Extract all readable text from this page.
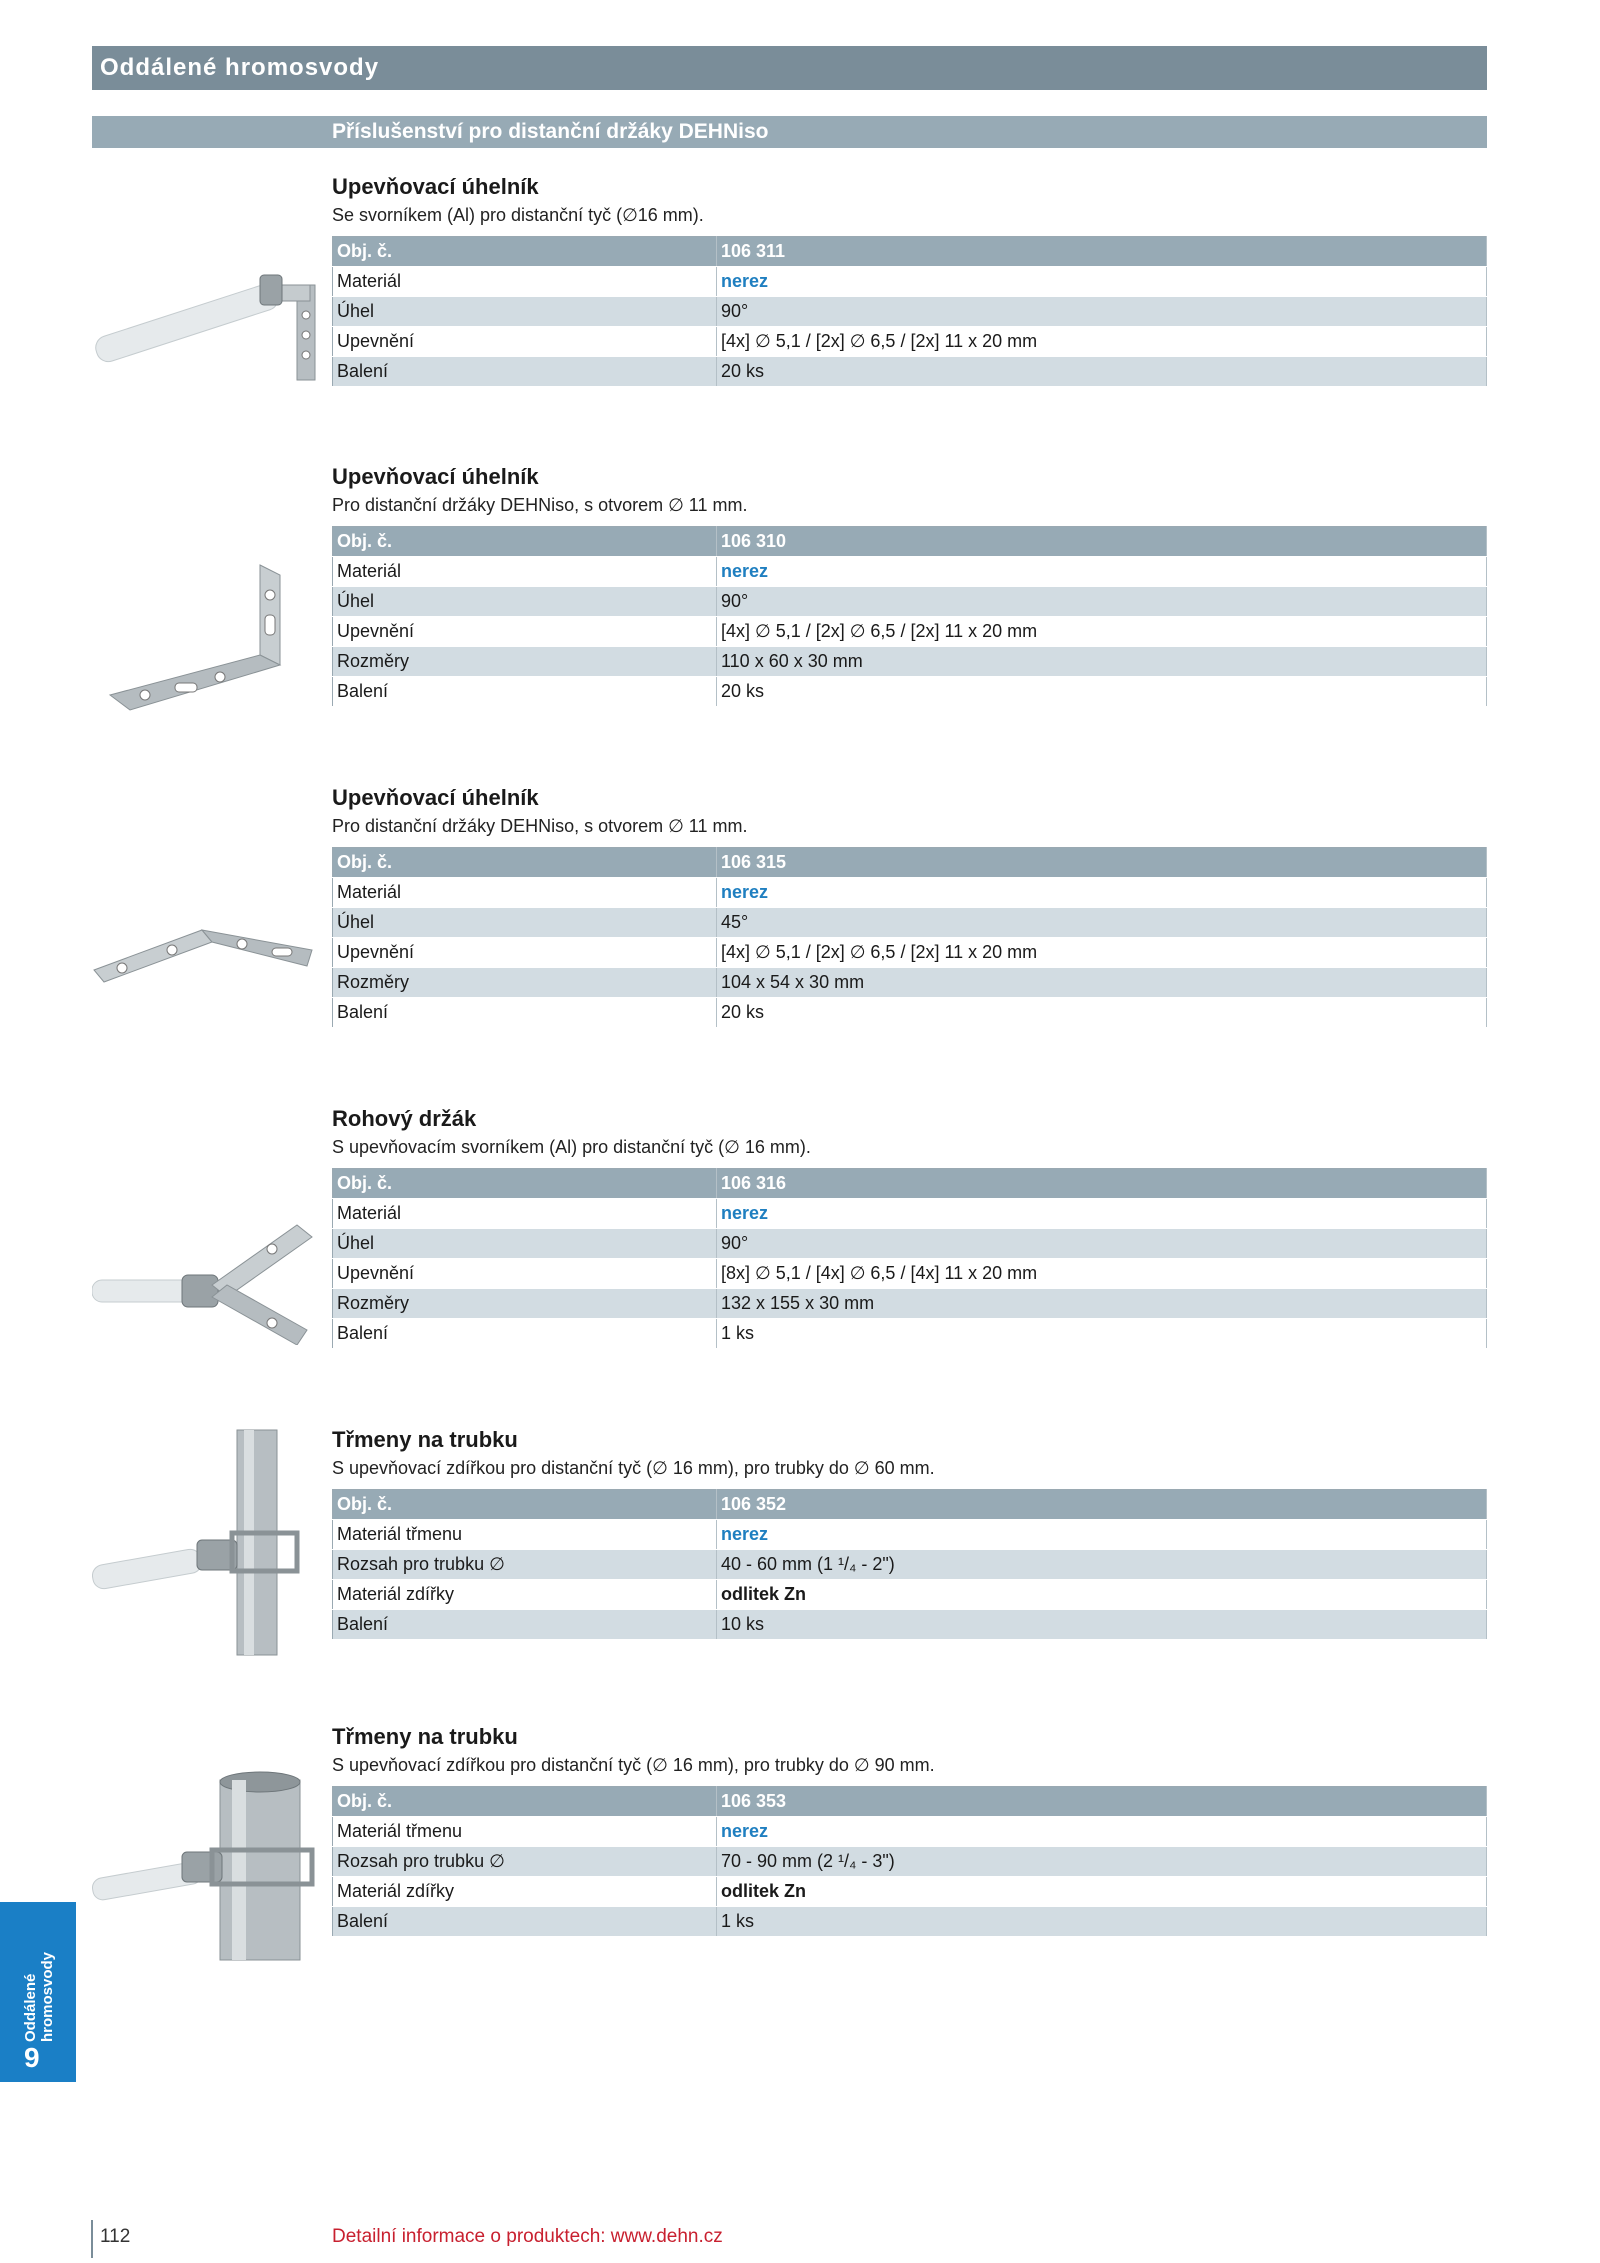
Oddálené hromosvody
Příslušenství pro distanční držáky DEHNiso
Upevňovací úhelník

Se svorníkem (Al) pro distanční tyč (∅16 mm).

Obj. č.	106 311
Materiál	nerez
Úhel	90°
Upevnění	[4x] ∅ 5,1 / [2x] ∅ 6,5 / [2x] 11 x 20 mm
Balení	20 ks
Upevňovací úhelník

Pro distanční držáky DEHNiso, s otvorem ∅ 11 mm.

Obj. č.	106 310
Materiál	nerez
Úhel	90°
Upevnění	[4x] ∅ 5,1 / [2x] ∅ 6,5 / [2x] 11 x 20 mm
Rozměry	110 x 60 x 30 mm
Balení	20 ks
Upevňovací úhelník

Pro distanční držáky DEHNiso, s otvorem ∅ 11 mm.

Obj. č.	106 315
Materiál	nerez
Úhel	45°
Upevnění	[4x] ∅ 5,1 / [2x] ∅ 6,5 / [2x] 11 x 20 mm
Rozměry	104 x 54 x 30 mm
Balení	20 ks
Rohový držák

S upevňovacím svorníkem (Al) pro distanční tyč (∅ 16 mm).

Obj. č.	106 316
Materiál	nerez
Úhel	90°
Upevnění	[8x] ∅ 5,1 / [4x] ∅ 6,5 / [4x] 11 x 20 mm
Rozměry	132 x 155 x 30 mm
Balení	1 ks
Třmeny na trubku

S upevňovací zdířkou pro distanční tyč (∅ 16 mm), pro trubky do ∅ 60 mm.

Obj. č.	106 352
Materiál třmenu	nerez
Rozsah pro trubku ∅	40 - 60 mm (1 ¹/₄ - 2")
Materiál zdířky	odlitek Zn
Balení	10 ks
Třmeny na trubku

S upevňovací zdířkou pro distanční tyč (∅ 16 mm), pro trubky do ∅ 90 mm.

Obj. č.	106 353
Materiál třmenu	nerez
Rozsah pro trubku ∅	70 - 90 mm (2 ¹/₄ - 3")
Materiál zdířky	odlitek Zn
Balení	1 ks
Oddálené
hromosvody
9
112	Detailní informace o produktech: www.dehn.cz
